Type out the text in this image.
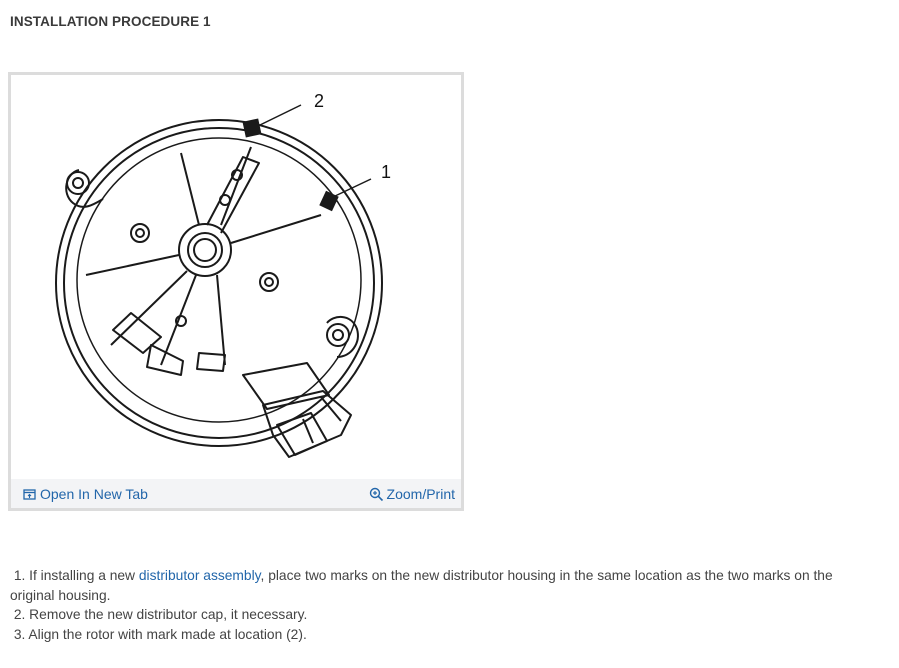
INSTALLATION PROCEDURE 1
2
1
Open In New Tab	Zoom/Print

1. If installing a new distributor assembly, place two marks on the new distributor housing in the same location as the two marks on the original housing.

2. Remove the new distributor cap, it necessary.

3. Align the rotor with mark made at location (2).
